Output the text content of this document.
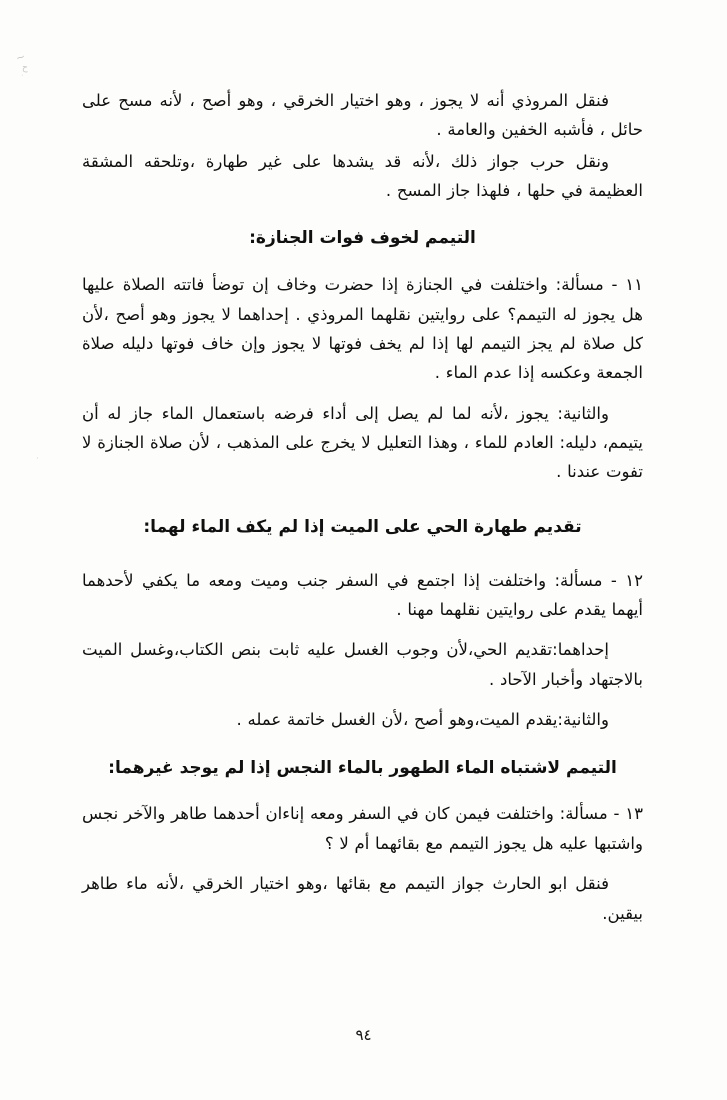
~
ح
.
·

فنقل المروذي أنه لا يجوز ، وهو اختيار الخرقي ، وهو أصح ، لأنه مسح على حائل ، فأشبه الخفين والعامة .

ونقل حرب جواز ذلك ،لأنه قد يشدها على غير طهارة ،وتلحقه المشقة العظيمة في حلها ، فلهذا جاز المسح .

التيمم لخوف فوات الجنازة:

١١ - مسألة: واختلفت في الجنازة إذا حضرت وخاف إن توضأ فاتته الصلاة عليها هل يجوز له التيمم؟ على روايتين نقلهما المروذي . إحداهما لا يجوز وهو أصح ،لأن كل صلاة لم يجز التيمم لها إذا لم يخف فوتها لا يجوز وإن خاف فوتها دليله صلاة الجمعة وعكسه إذا عدم الماء .

والثانية: يجوز ،لأنه لما لم يصل إلى أداء فرضه باستعمال الماء جاز له أن يتيمم، دليله: العادم للماء ، وهذا التعليل لا يخرج على المذهب ، لأن صلاة الجنازة لا تفوت عندنا .

تقديم طهارة الحي على الميت إذا لم يكف الماء لهما:

١٢ - مسألة: واختلفت إذا اجتمع في السفر جنب وميت ومعه ما يكفي لأحدهما أيهما يقدم على روايتين نقلهما مهنا .

إحداهما:تقديم الحي،لأن وجوب الغسل عليه ثابت بنص الكتاب،وغسل الميت بالاجتهاد وأخبار الآحاد .

والثانية:يقدم الميت،وهو أصح ،لأن الغسل خاتمة عمله .

التيمم لاشتباه الماء الطهور بالماء النجس إذا لم يوجد غيرهما:

١٣ - مسألة: واختلفت فيمن كان في السفر ومعه إناءان أحدهما طاهر والآخر نجس واشتبها عليه هل يجوز التيمم مع بقائهما أم لا ؟

فنقل ابو الحارث جواز التيمم مع بقائها ،وهو اختيار الخرقي ،لأنه ماء طاهر بيقين.

٩٤
